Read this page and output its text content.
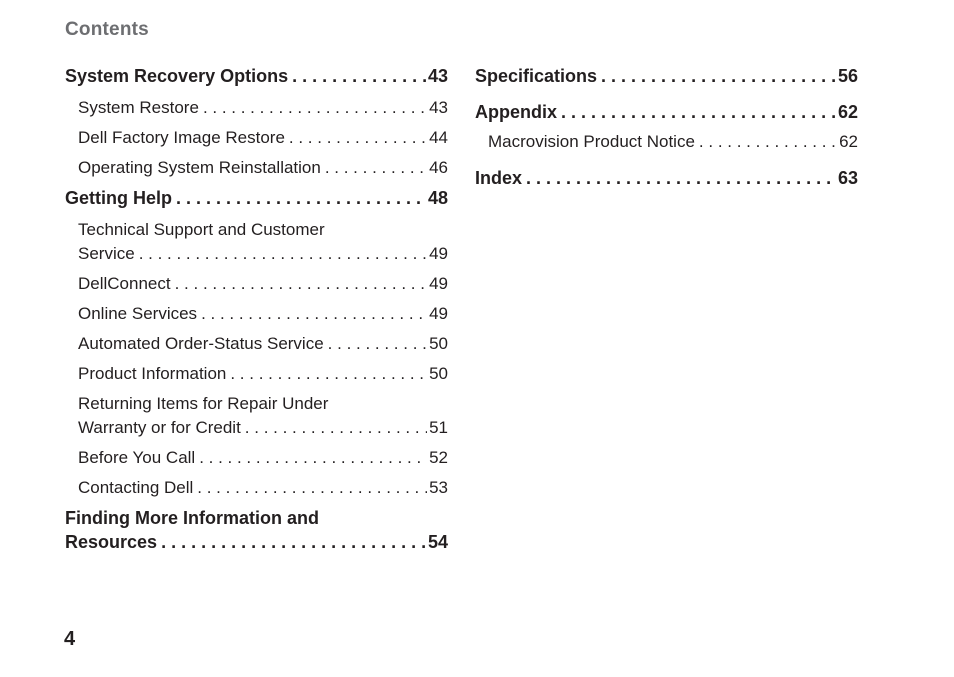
Contents
System Recovery Options . . .	43
System Restore . . .	43
Dell Factory Image Restore . . .	44
Operating System Reinstallation . . .	46
Getting Help . . .	48
Technical Support and Customer
Service . . .	49
DellConnect . . .	49
Online Services . . .	49
Automated Order-Status Service . . .	50
Product Information . . .	50
Returning Items for Repair Under
Warranty or for Credit . . .	51
Before You Call . . .	52
Contacting Dell . . .	53
Finding More Information and
Resources . . .	54
Specifications . . .	56
Appendix . . .	62
Macrovision Product Notice . . .	62
Index . . .	63
4
